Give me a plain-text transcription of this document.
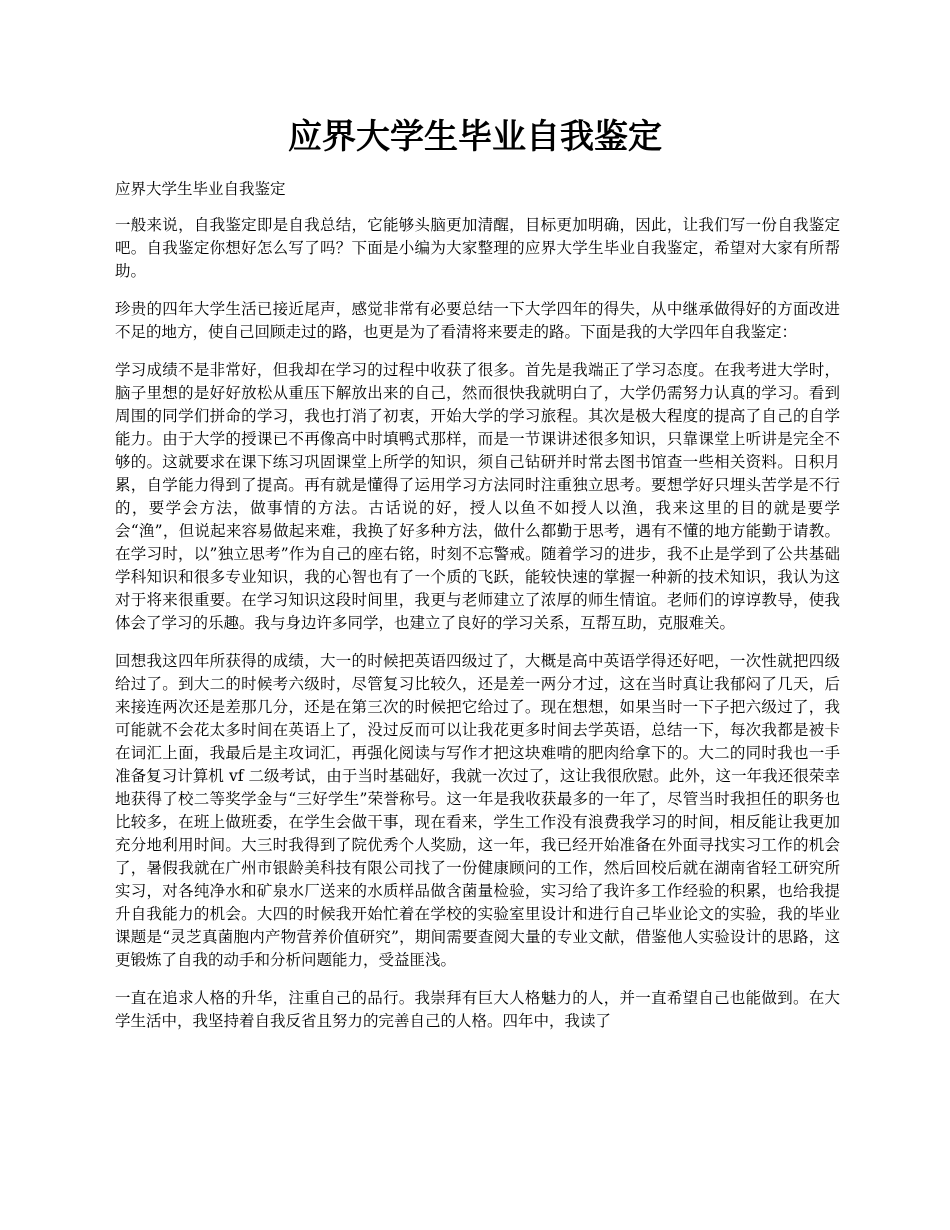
应界大学生毕业自我鉴定

应界大学生毕业自我鉴定

一般来说，自我鉴定即是自我总结，它能够头脑更加清醒，目标更加明确，因此，让我们写一份自我鉴定吧。自我鉴定你想好怎么写了吗？下面是小编为大家整理的应界大学生毕业自我鉴定，希望对大家有所帮助。

珍贵的四年大学生活已接近尾声，感觉非常有必要总结一下大学四年的得失，从中继承做得好的方面改进不足的地方，使自己回顾走过的路，也更是为了看清将来要走的路。下面是我的大学四年自我鉴定：

学习成绩不是非常好，但我却在学习的过程中收获了很多。首先是我端正了学习态度。在我考进大学时，脑子里想的是好好放松从重压下解放出来的自己，然而很快我就明白了，大学仍需努力认真的学习。看到周围的同学们拼命的学习，我也打消了初衷，开始大学的学习旅程。其次是极大程度的提高了自己的自学能力。由于大学的授课已不再像高中时填鸭式那样，而是一节课讲述很多知识，只靠课堂上听讲是完全不够的。这就要求在课下练习巩固课堂上所学的知识，须自己钻研并时常去图书馆查一些相关资料。日积月累，自学能力得到了提高。再有就是懂得了运用学习方法同时注重独立思考。要想学好只埋头苦学是不行的，要学会方法，做事情的方法。古话说的好，授人以鱼不如授人以渔，我来这里的目的就是要学会“渔”，但说起来容易做起来难，我换了好多种方法，做什么都勤于思考，遇有不懂的地方能勤于请教。在学习时，以”独立思考”作为自己的座右铭，时刻不忘警戒。随着学习的进步，我不止是学到了公共基础学科知识和很多专业知识，我的心智也有了一个质的飞跃，能较快速的掌握一种新的技术知识，我认为这对于将来很重要。在学习知识这段时间里，我更与老师建立了浓厚的师生情谊。老师们的谆谆教导，使我体会了学习的乐趣。我与身边许多同学，也建立了良好的学习关系，互帮互助，克服难关。

回想我这四年所获得的成绩，大一的时候把英语四级过了，大概是高中英语学得还好吧，一次性就把四级给过了。到大二的时候考六级时，尽管复习比较久，还是差一两分才过，这在当时真让我郁闷了几天，后来接连两次还是差那几分，还是在第三次的时候把它给过了。现在想想，如果当时一下子把六级过了，我可能就不会花太多时间在英语上了，没过反而可以让我花更多时间去学英语，总结一下，每次我都是被卡在词汇上面，我最后是主攻词汇，再强化阅读与写作才把这块难啃的肥肉给拿下的。大二的同时我也一手准备复习计算机 vf 二级考试，由于当时基础好，我就一次过了，这让我很欣慰。此外，这一年我还很荣幸地获得了校二等奖学金与“三好学生”荣誉称号。这一年是我收获最多的一年了，尽管当时我担任的职务也比较多，在班上做班委，在学生会做干事，现在看来，学生工作没有浪费我学习的时间，相反能让我更加充分地利用时间。大三时我得到了院优秀个人奖励，这一年，我已经开始准备在外面寻找实习工作的机会了，暑假我就在广州市银龄美科技有限公司找了一份健康顾问的工作，然后回校后就在湖南省轻工研究所实习，对各纯净水和矿泉水厂送来的水质样品做含菌量检验，实习给了我许多工作经验的积累，也给我提升自我能力的机会。大四的时候我开始忙着在学校的实验室里设计和进行自己毕业论文的实验，我的毕业课题是“灵芝真菌胞内产物营养价值研究”，期间需要查阅大量的专业文献，借鉴他人实验设计的思路，这更锻炼了自我的动手和分析问题能力，受益匪浅。

一直在追求人格的升华，注重自己的品行。我崇拜有巨大人格魅力的人，并一直希望自己也能做到。在大学生活中，我坚持着自我反省且努力的完善自己的人格。四年中，我读了
